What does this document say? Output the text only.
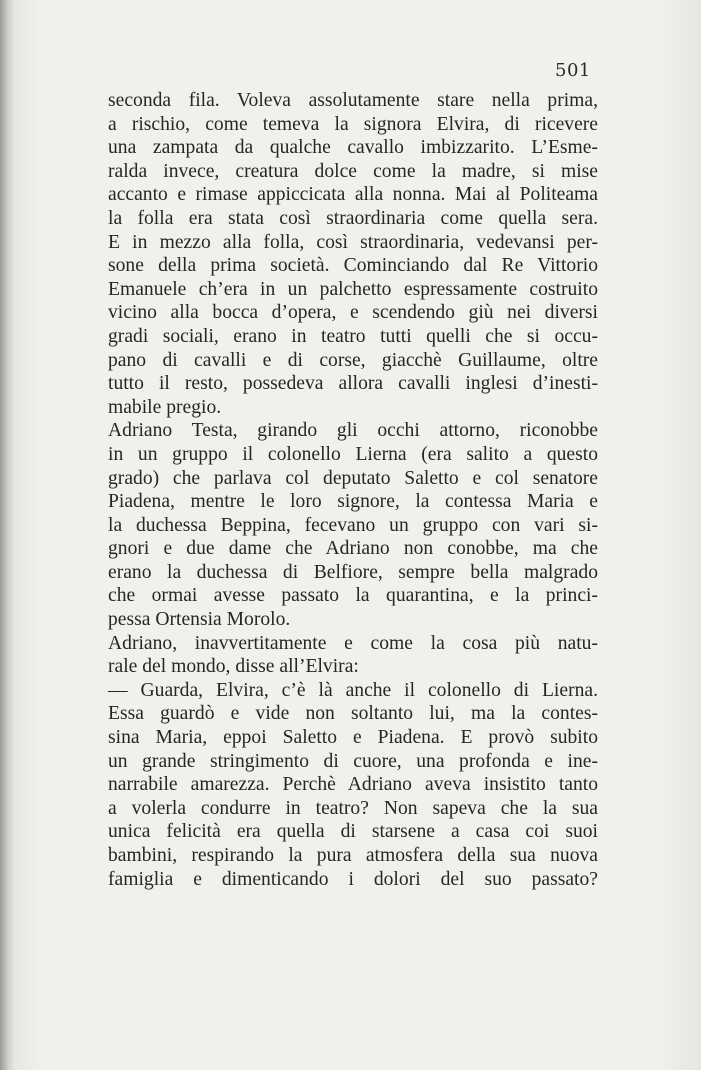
501
seconda fila. Voleva assolutamente stare nella prima,
a rischio, come temeva la signora Elvira, di ricevere
una zampata da qualche cavallo imbizzarito. L’Esme-
ralda invece, creatura dolce come la madre, si mise
accanto e rimase appiccicata alla nonna. Mai al Politeama
la folla era stata così straordinaria come quella sera.
E in mezzo alla folla, così straordinaria, vedevansi per-
sone della prima società. Cominciando dal Re Vittorio
Emanuele ch’era in un palchetto espressamente costruito
vicino alla bocca d’opera, e scendendo giù nei diversi
gradi sociali, erano in teatro tutti quelli che si occu-
pano di cavalli e di corse, giacchè Guillaume, oltre
tutto il resto, possedeva allora cavalli inglesi d’inesti-
mabile pregio.
Adriano Testa, girando gli occhi attorno, riconobbe
in un gruppo il colonello Lierna (era salito a questo
grado) che parlava col deputato Saletto e col senatore
Piadena, mentre le loro signore, la contessa Maria e
la duchessa Beppina, fecevano un gruppo con vari si-
gnori e due dame che Adriano non conobbe, ma che
erano la duchessa di Belfiore, sempre bella malgrado
che ormai avesse passato la quarantina, e la princi-
pessa Ortensia Morolo.
Adriano, inavvertitamente e come la cosa più natu-
rale del mondo, disse all’Elvira:
— Guarda, Elvira, c’è là anche il colonello di Lierna.
Essa guardò e vide non soltanto lui, ma la contes-
sina Maria, eppoi Saletto e Piadena. E provò subito
un grande stringimento di cuore, una profonda e ine-
narrabile amarezza. Perchè Adriano aveva insistito tanto
a volerla condurre in teatro? Non sapeva che la sua
unica felicità era quella di starsene a casa coi suoi
bambini, respirando la pura atmosfera della sua nuova
famiglia e dimenticando i dolori del suo passato?
